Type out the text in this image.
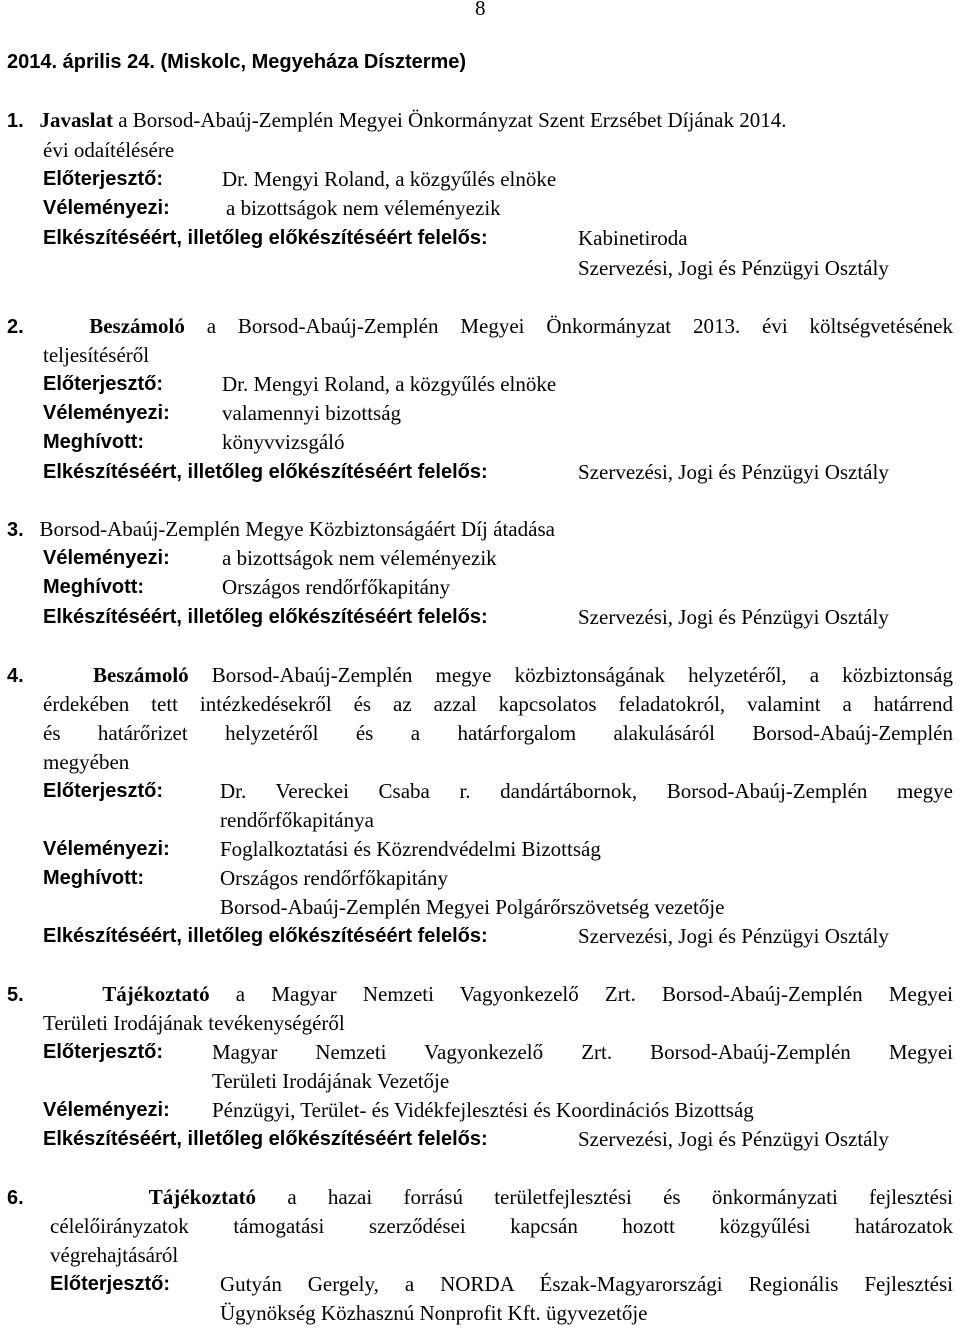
8
2014. április 24. (Miskolc, Megyeháza Díszterme)
1. Javaslat a Borsod-Abaúj-Zemplén Megyei Önkormányzat Szent Erzsébet Díjának 2014.
évi odaítélésére
Előterjesztő:	Dr. Mengyi Roland, a közgyűlés elnöke
Véleményezi:	a bizottságok nem véleményezik
Elkészítéséért, illetőleg előkészítéséért felelős:	Kabinetiroda
Szervezési, Jogi és Pénzügyi Osztály
2.	Beszámoló a Borsod-Abaúj-Zemplén Megyei Önkormányzat 2013. évi költségvetésének
teljesítéséről
Előterjesztő:	Dr. Mengyi Roland, a közgyűlés elnöke
Véleményezi: valamennyi bizottság
Meghívott:	könyvvizsgáló
Elkészítéséért, illetőleg előkészítéséért felelős:	Szervezési, Jogi és Pénzügyi Osztály
3. Borsod-Abaúj-Zemplén Megye Közbiztonságáért Díj átadása
Véleményezi: a bizottságok nem véleményezik
Meghívott:	Országos rendőrfőkapitány
Elkészítéséért, illetőleg előkészítéséért felelős:	Szervezési, Jogi és Pénzügyi Osztály
4.	Beszámoló Borsod-Abaúj-Zemplén megye közbiztonságának helyzetéről, a közbiztonság
érdekében tett intézkedésekről és az azzal kapcsolatos feladatokról, valamint a határrend
és határőrizet helyzetéről és a határforgalom alakulásáról Borsod-Abaúj-Zemplén
megyében
Előterjesztő:	Dr. Vereckei Csaba r. dandártábornok, Borsod-Abaúj-Zemplén megye
rendőrfőkapitánya
Véleményezi: Foglalkoztatási és Közrendvédelmi Bizottság
Meghívott:	Országos rendőrfőkapitány
Borsod-Abaúj-Zemplén Megyei Polgárőrszövetség vezetője
Elkészítéséért, illetőleg előkészítéséért felelős:	Szervezési, Jogi és Pénzügyi Osztály
5.	Tájékoztató a Magyar Nemzeti Vagyonkezelő Zrt. Borsod-Abaúj-Zemplén Megyei
Területi Irodájának tevékenységéről
Előterjesztő: Magyar Nemzeti Vagyonkezelő Zrt. Borsod-Abaúj-Zemplén Megyei
Területi Irodájának Vezetője
Véleményezi: Pénzügyi, Terület- és Vidékfejlesztési és Koordinációs Bizottság
Elkészítéséért, illetőleg előkészítéséért felelős:	Szervezési, Jogi és Pénzügyi Osztály
6.	Tájékoztató a hazai forrású területfejlesztési és önkormányzati fejlesztési
célelőirányzatok támogatási szerződései kapcsán hozott közgyűlési határozatok
végrehajtásáról
Előterjesztő: Gutyán Gergely, a NORDA Észak-Magyarországi Regionális Fejlesztési
Ügynökség Közhasznú Nonprofit Kft. ügyvezetője
